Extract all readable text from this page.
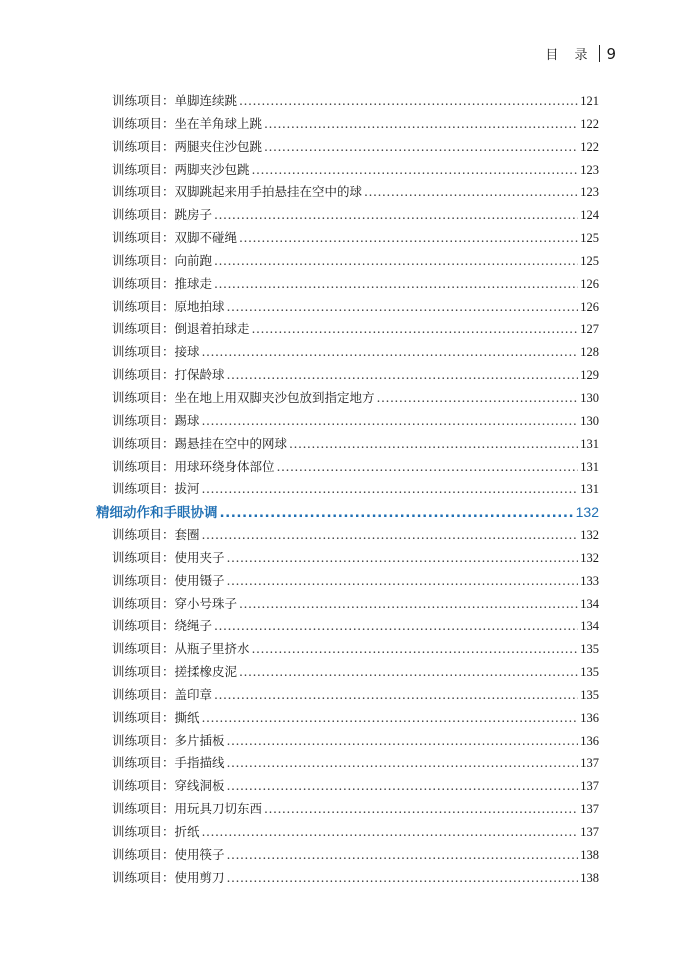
目 录 9
训练项目：单脚连续跳 .....	121
训练项目：坐在羊角球上跳 .....	122
训练项目：两腿夹住沙包跳 .....	122
训练项目：两脚夹沙包跳 .....	123
训练项目：双脚跳起来用手拍悬挂在空中的球 .....	123
训练项目：跳房子 .....	124
训练项目：双脚不碰绳 .....	125
训练项目：向前跑 .....	125
训练项目：推球走 .....	126
训练项目：原地拍球 .....	126
训练项目：倒退着拍球走 .....	127
训练项目：接球 .....	128
训练项目：打保龄球 .....	129
训练项目：坐在地上用双脚夹沙包放到指定地方 .....	130
训练项目：踢球 .....	130
训练项目：踢悬挂在空中的网球 .....	131
训练项目：用球环绕身体部位 .....	131
训练项目：拔河 .....	131
精细动作和手眼协调 .....	132
训练项目：套圈 .....	132
训练项目：使用夹子 .....	132
训练项目：使用镊子 .....	133
训练项目：穿小号珠子 .....	134
训练项目：绕绳子 .....	134
训练项目：从瓶子里挤水 .....	135
训练项目：搓揉橡皮泥 .....	135
训练项目：盖印章 .....	135
训练项目：撕纸 .....	136
训练项目：多片插板 .....	136
训练项目：手指描线 .....	137
训练项目：穿线洞板 .....	137
训练项目：用玩具刀切东西 .....	137
训练项目：折纸 .....	137
训练项目：使用筷子 .....	138
训练项目：使用剪刀 .....	138
